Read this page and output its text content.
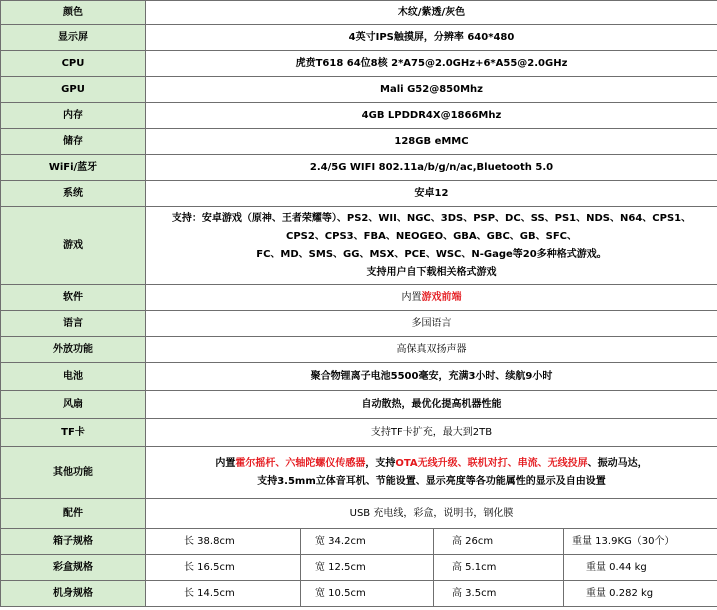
颜色	木纹/紫透/灰色			
显示屏	4英寸IPS触摸屏，分辨率 640*480			
CPU	虎贲T618 64位8核 2*A75@2.0GHz+6*A55@2.0GHz			
GPU	Mali G52@850Mhz			
内存	4GB LPDDR4X@1866Mhz			
储存	128GB eMMC			
WiFi/蓝牙	2.4/5G WIFI 802.11a/b/g/n/ac,Bluetooth 5.0			
系统	安卓12			
游戏	支持：安卓游戏（原神、王者荣耀等）、PS2、WII、NGC、3DS、PSP、DC、SS、PS1、NDS、N64、CPS1、
CPS2、CPS3、FBA、NEOGEO、GBA、GBC、GB、SFC、
FC、MD、SMS、GG、MSX、PCE、WSC、N-Gage等20多种格式游戏。
支持用户自下载相关格式游戏			

软件	内置游戏前端			
语言	多国语言			
外放功能	高保真双扬声器			
电池	聚合物锂离子电池5500毫安，充满3小时、续航9小时			
风扇	自动散热，最优化提高机器性能			
TF卡	支持TF卡扩充，最大到2TB			
其他功能	内置霍尔摇杆、六轴陀螺仪传感器，支持OTA无线升级、联机对打、串流、无线投屏、振动马达，
支持3.5mm立体音耳机、节能设置、显示亮度等各功能属性的显示及自由设置			

配件	USB 充电线，彩盒，说明书，钢化膜			
箱子规格	长 38.8cm	宽 34.2cm	高 26cm	重量 13.9KG（30个）
彩盒规格	长 16.5cm	宽 12.5cm	高 5.1cm	重量 0.44 kg
机身规格	长 14.5cm	宽 10.5cm	高 3.5cm	重量 0.282 kg
